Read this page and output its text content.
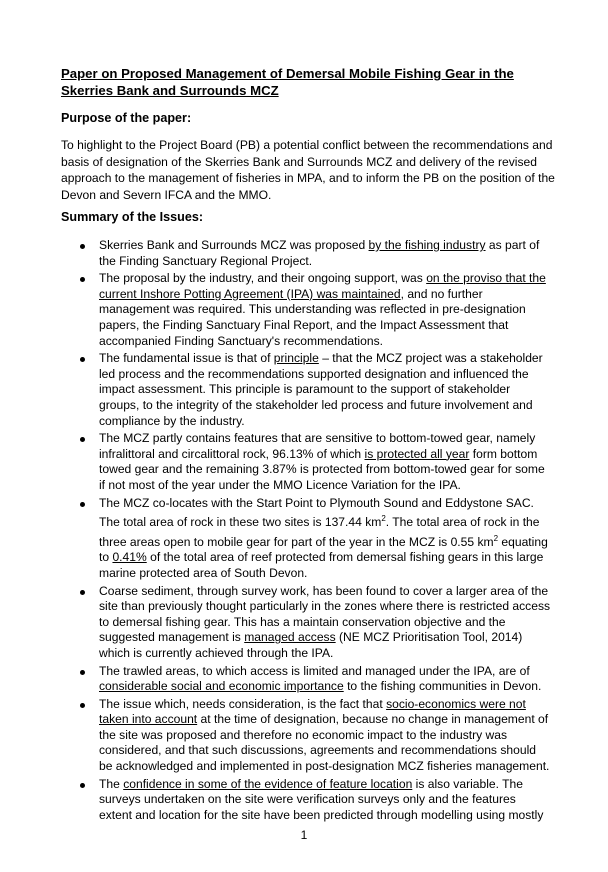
Paper on Proposed Management of Demersal Mobile Fishing Gear in the Skerries Bank and Surrounds MCZ
Purpose of the paper:
To highlight to the Project Board (PB) a potential conflict between the recommendations and basis of designation of the Skerries Bank and Surrounds MCZ and delivery of the revised approach to the management of fisheries in MPA, and to inform the PB on the position of the Devon and Severn IFCA and the MMO.
Summary of the Issues:
Skerries Bank and Surrounds MCZ was proposed by the fishing industry as part of the Finding Sanctuary Regional Project.
The proposal by the industry, and their ongoing support, was on the proviso that the current Inshore Potting Agreement (IPA) was maintained, and no further management was required. This understanding was reflected in pre-designation papers, the Finding Sanctuary Final Report, and the Impact Assessment that accompanied Finding Sanctuary's recommendations.
The fundamental issue is that of principle – that the MCZ project was a stakeholder led process and the recommendations supported designation and influenced the impact assessment. This principle is paramount to the support of stakeholder groups, to the integrity of the stakeholder led process and future involvement and compliance by the industry.
The MCZ partly contains features that are sensitive to bottom-towed gear, namely infralittoral and circalittoral rock, 96.13% of which is protected all year form bottom towed gear and the remaining 3.87% is protected from bottom-towed gear for some if not most of the year under the MMO Licence Variation for the IPA.
The MCZ co-locates with the Start Point to Plymouth Sound and Eddystone SAC. The total area of rock in these two sites is 137.44 $km^2$. The total area of rock in the three areas open to mobile gear for part of the year in the MCZ is 0.55 $km^2$ equating to 0.41% of the total area of reef protected from demersal fishing gears in this large marine protected area of South Devon.
Coarse sediment, through survey work, has been found to cover a larger area of the site than previously thought particularly in the zones where there is restricted access to demersal fishing gear. This has a maintain conservation objective and the suggested management is managed access (NE MCZ Prioritisation Tool, 2014) which is currently achieved through the IPA.
The trawled areas, to which access is limited and managed under the IPA, are of considerable social and economic importance to the fishing communities in Devon.
The issue which, needs consideration, is the fact that socio-economics were not taken into account at the time of designation, because no change in management of the site was proposed and therefore no economic impact to the industry was considered, and that such discussions, agreements and recommendations should be acknowledged and implemented in post-designation MCZ fisheries management.
The confidence in some of the evidence of feature location is also variable. The surveys undertaken on the site were verification surveys only and the features extent and location for the site have been predicted through modelling using mostly
1
